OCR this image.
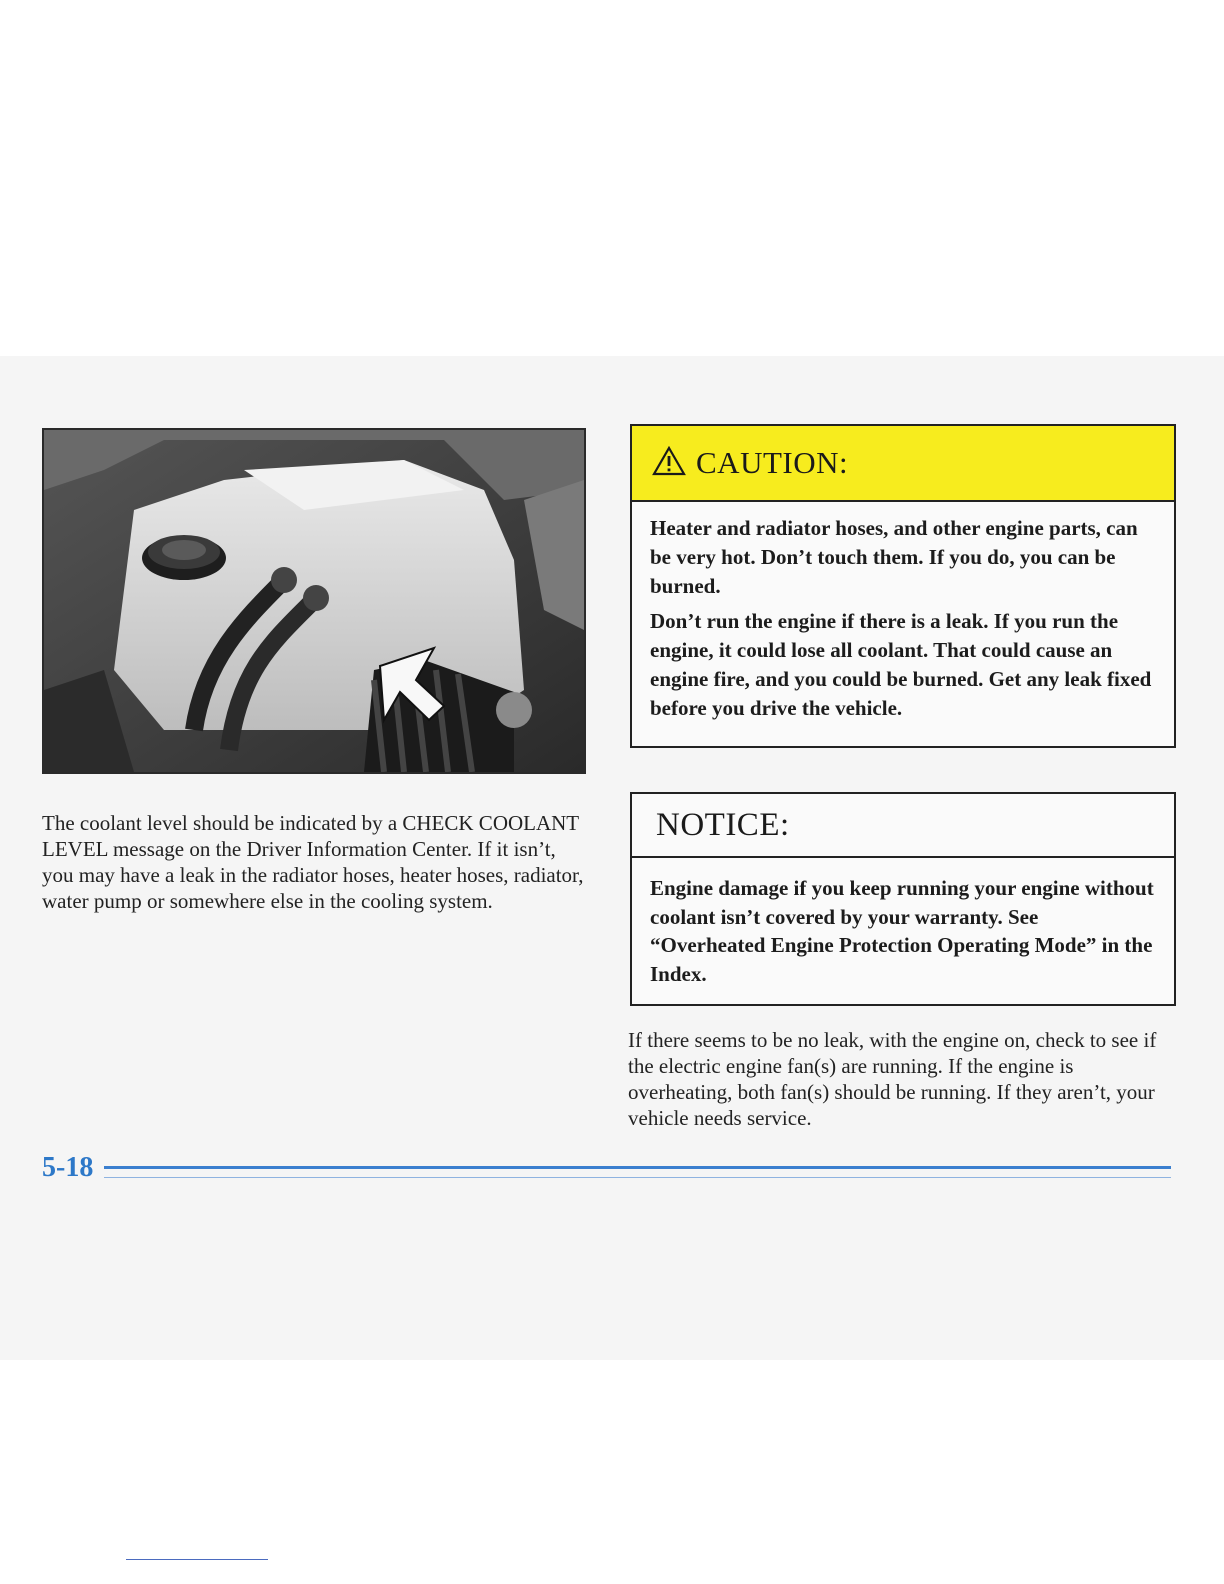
CAUTION:

Heater and radiator hoses, and other engine parts, can be very hot. Don’t touch them. If you do, you can be burned.

Don’t run the engine if there is a leak. If you run the engine, it could lose all coolant. That could cause an engine fire, and you could be burned. Get any leak fixed before you drive the vehicle.

The coolant level should be indicated by a CHECK COOLANT LEVEL message on the Driver Information Center. If it isn’t, you may have a leak in the radiator hoses, heater hoses, radiator, water pump or somewhere else in the cooling system.

NOTICE:

Engine damage if you keep running your engine without coolant isn’t covered by your warranty. See “Overheated Engine Protection Operating Mode” in the Index.

If there seems to be no leak, with the engine on, check to see if the electric engine fan(s) are running. If the engine is overheating, both fan(s) should be running. If they aren’t, your vehicle needs service.

5-18
